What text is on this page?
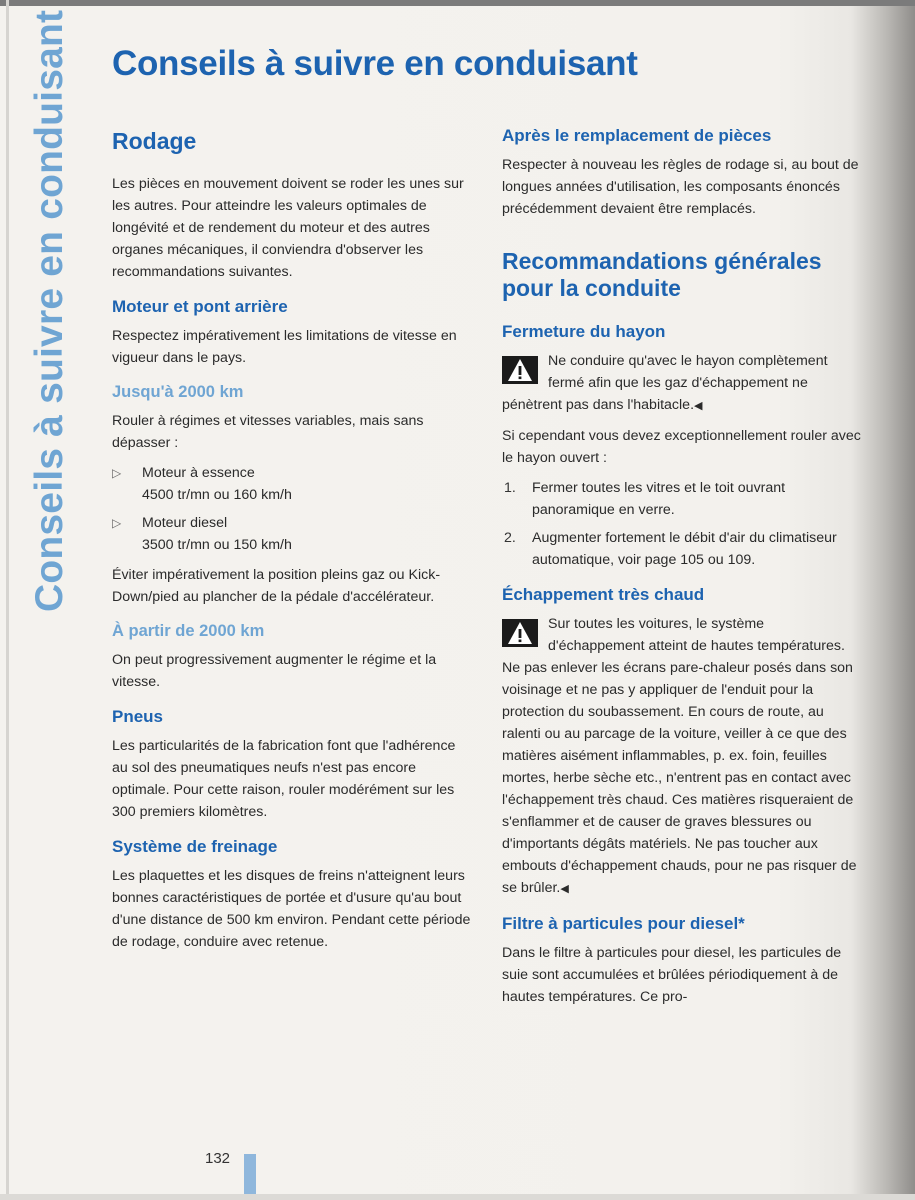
Conseils à suivre en conduisant Conseils à suivre en conduisant
Rodage

Les pièces en mouvement doivent se roder les unes sur les autres. Pour atteindre les valeurs optimales de longévité et de rendement du moteur et des autres organes mécaniques, il conviendra d'observer les recommandations suivantes.

Moteur et pont arrière

Respectez impérativement les limitations de vitesse en vigueur dans le pays.

Jusqu'à 2000 km

Rouler à régimes et vitesses variables, mais sans dépasser :

▷ Moteur à essence
4500 tr/mn ou 160 km/h
▷ Moteur diesel
3500 tr/mn ou 150 km/h

Éviter impérativement la position pleins gaz ou Kick-Down/pied au plancher de la pédale d'accélérateur.

À partir de 2000 km

On peut progressivement augmenter le régime et la vitesse.

Pneus

Les particularités de la fabrication font que l'adhérence au sol des pneumatiques neufs n'est pas encore optimale. Pour cette raison, rouler modérément sur les 300 premiers kilomètres.

Système de freinage

Les plaquettes et les disques de freins n'atteignent leurs bonnes caractéristiques de portée et d'usure qu'au bout d'une distance de 500 km environ. Pendant cette période de rodage, conduire avec retenue.

Après le remplacement de pièces

Respecter à nouveau les règles de rodage si, au bout de longues années d'utilisation, les composants énoncés précédemment devaient être remplacés.

Recommandations générales pour la conduite
Fermeture du hayon

Ne conduire qu'avec le hayon complètement fermé afin que les gaz d'échappement ne pénètrent pas dans l'habitacle.◀

Si cependant vous devez exceptionnellement rouler avec le hayon ouvert :

1. Fermer toutes les vitres et le toit ouvrant panoramique en verre.
2. Augmenter fortement le débit d'air du climatiseur automatique, voir page 105 ou 109.
Échappement très chaud

Sur toutes les voitures, le système d'échappement atteint de hautes températures. Ne pas enlever les écrans pare-chaleur posés dans son voisinage et ne pas y appliquer de l'enduit pour la protection du soubassement. En cours de route, au ralenti ou au parcage de la voiture, veiller à ce que des matières aisément inflammables, p. ex. foin, feuilles mortes, herbe sèche etc., n'entrent pas en contact avec l'échappement très chaud. Ces matières risqueraient de s'enflammer et de causer de graves blessures ou d'importants dégâts matériels. Ne pas toucher aux embouts d'échappement chauds, pour ne pas risquer de se brûler.◀

Filtre à particules pour diesel*

Dans le filtre à particules pour diesel, les particules de suie sont accumulées et brûlées périodiquement à de hautes températures. Ce pro-

132
